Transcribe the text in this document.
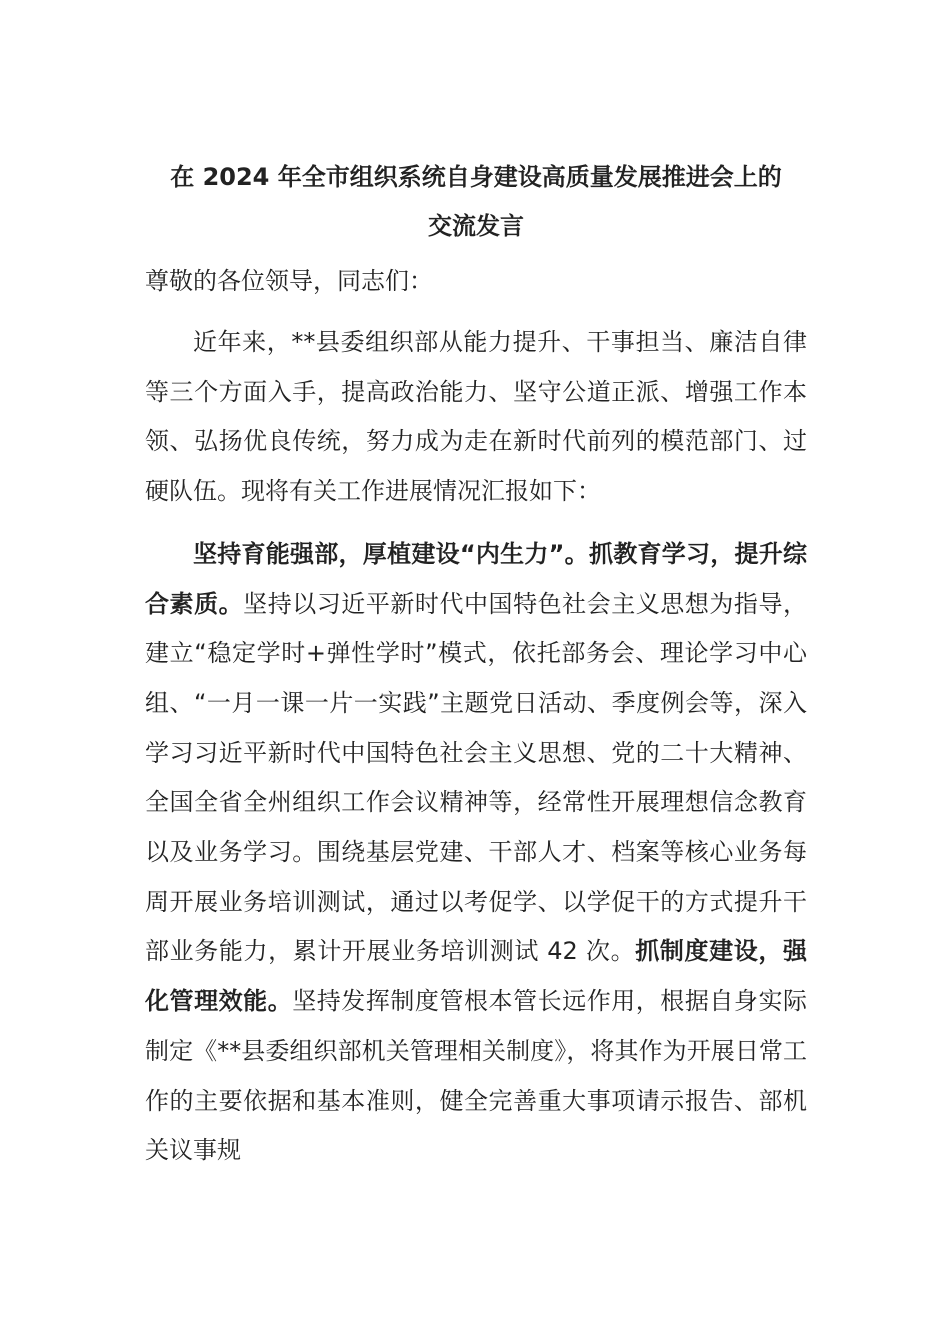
在 2024 年全市组织系统自身建设高质量发展推进会上的
交流发言

尊敬的各位领导，同志们：

近年来，**县委组织部从能力提升、干事担当、廉洁自律等三个方面入手，提高政治能力、坚守公道正派、增强工作本领、弘扬优良传统，努力成为走在新时代前列的模范部门、过硬队伍。现将有关工作进展情况汇报如下：

坚持育能强部，厚植建设“内生力”。抓教育学习，提升综合素质。坚持以习近平新时代中国特色社会主义思想为指导，建立“稳定学时+弹性学时”模式，依托部务会、理论学习中心组、“一月一课一片一实践”主题党日活动、季度例会等，深入学习习近平新时代中国特色社会主义思想、党的二十大精神、全国全省全州组织工作会议精神等，经常性开展理想信念教育以及业务学习。围绕基层党建、干部人才、档案等核心业务每周开展业务培训测试，通过以考促学、以学促干的方式提升干部业务能力，累计开展业务培训测试 42 次。抓制度建设，强化管理效能。坚持发挥制度管根本管长远作用，根据自身实际制定《**县委组织部机关管理相关制度》，将其作为开展日常工作的主要依据和基本准则，健全完善重大事项请示报告、部机关议事规
